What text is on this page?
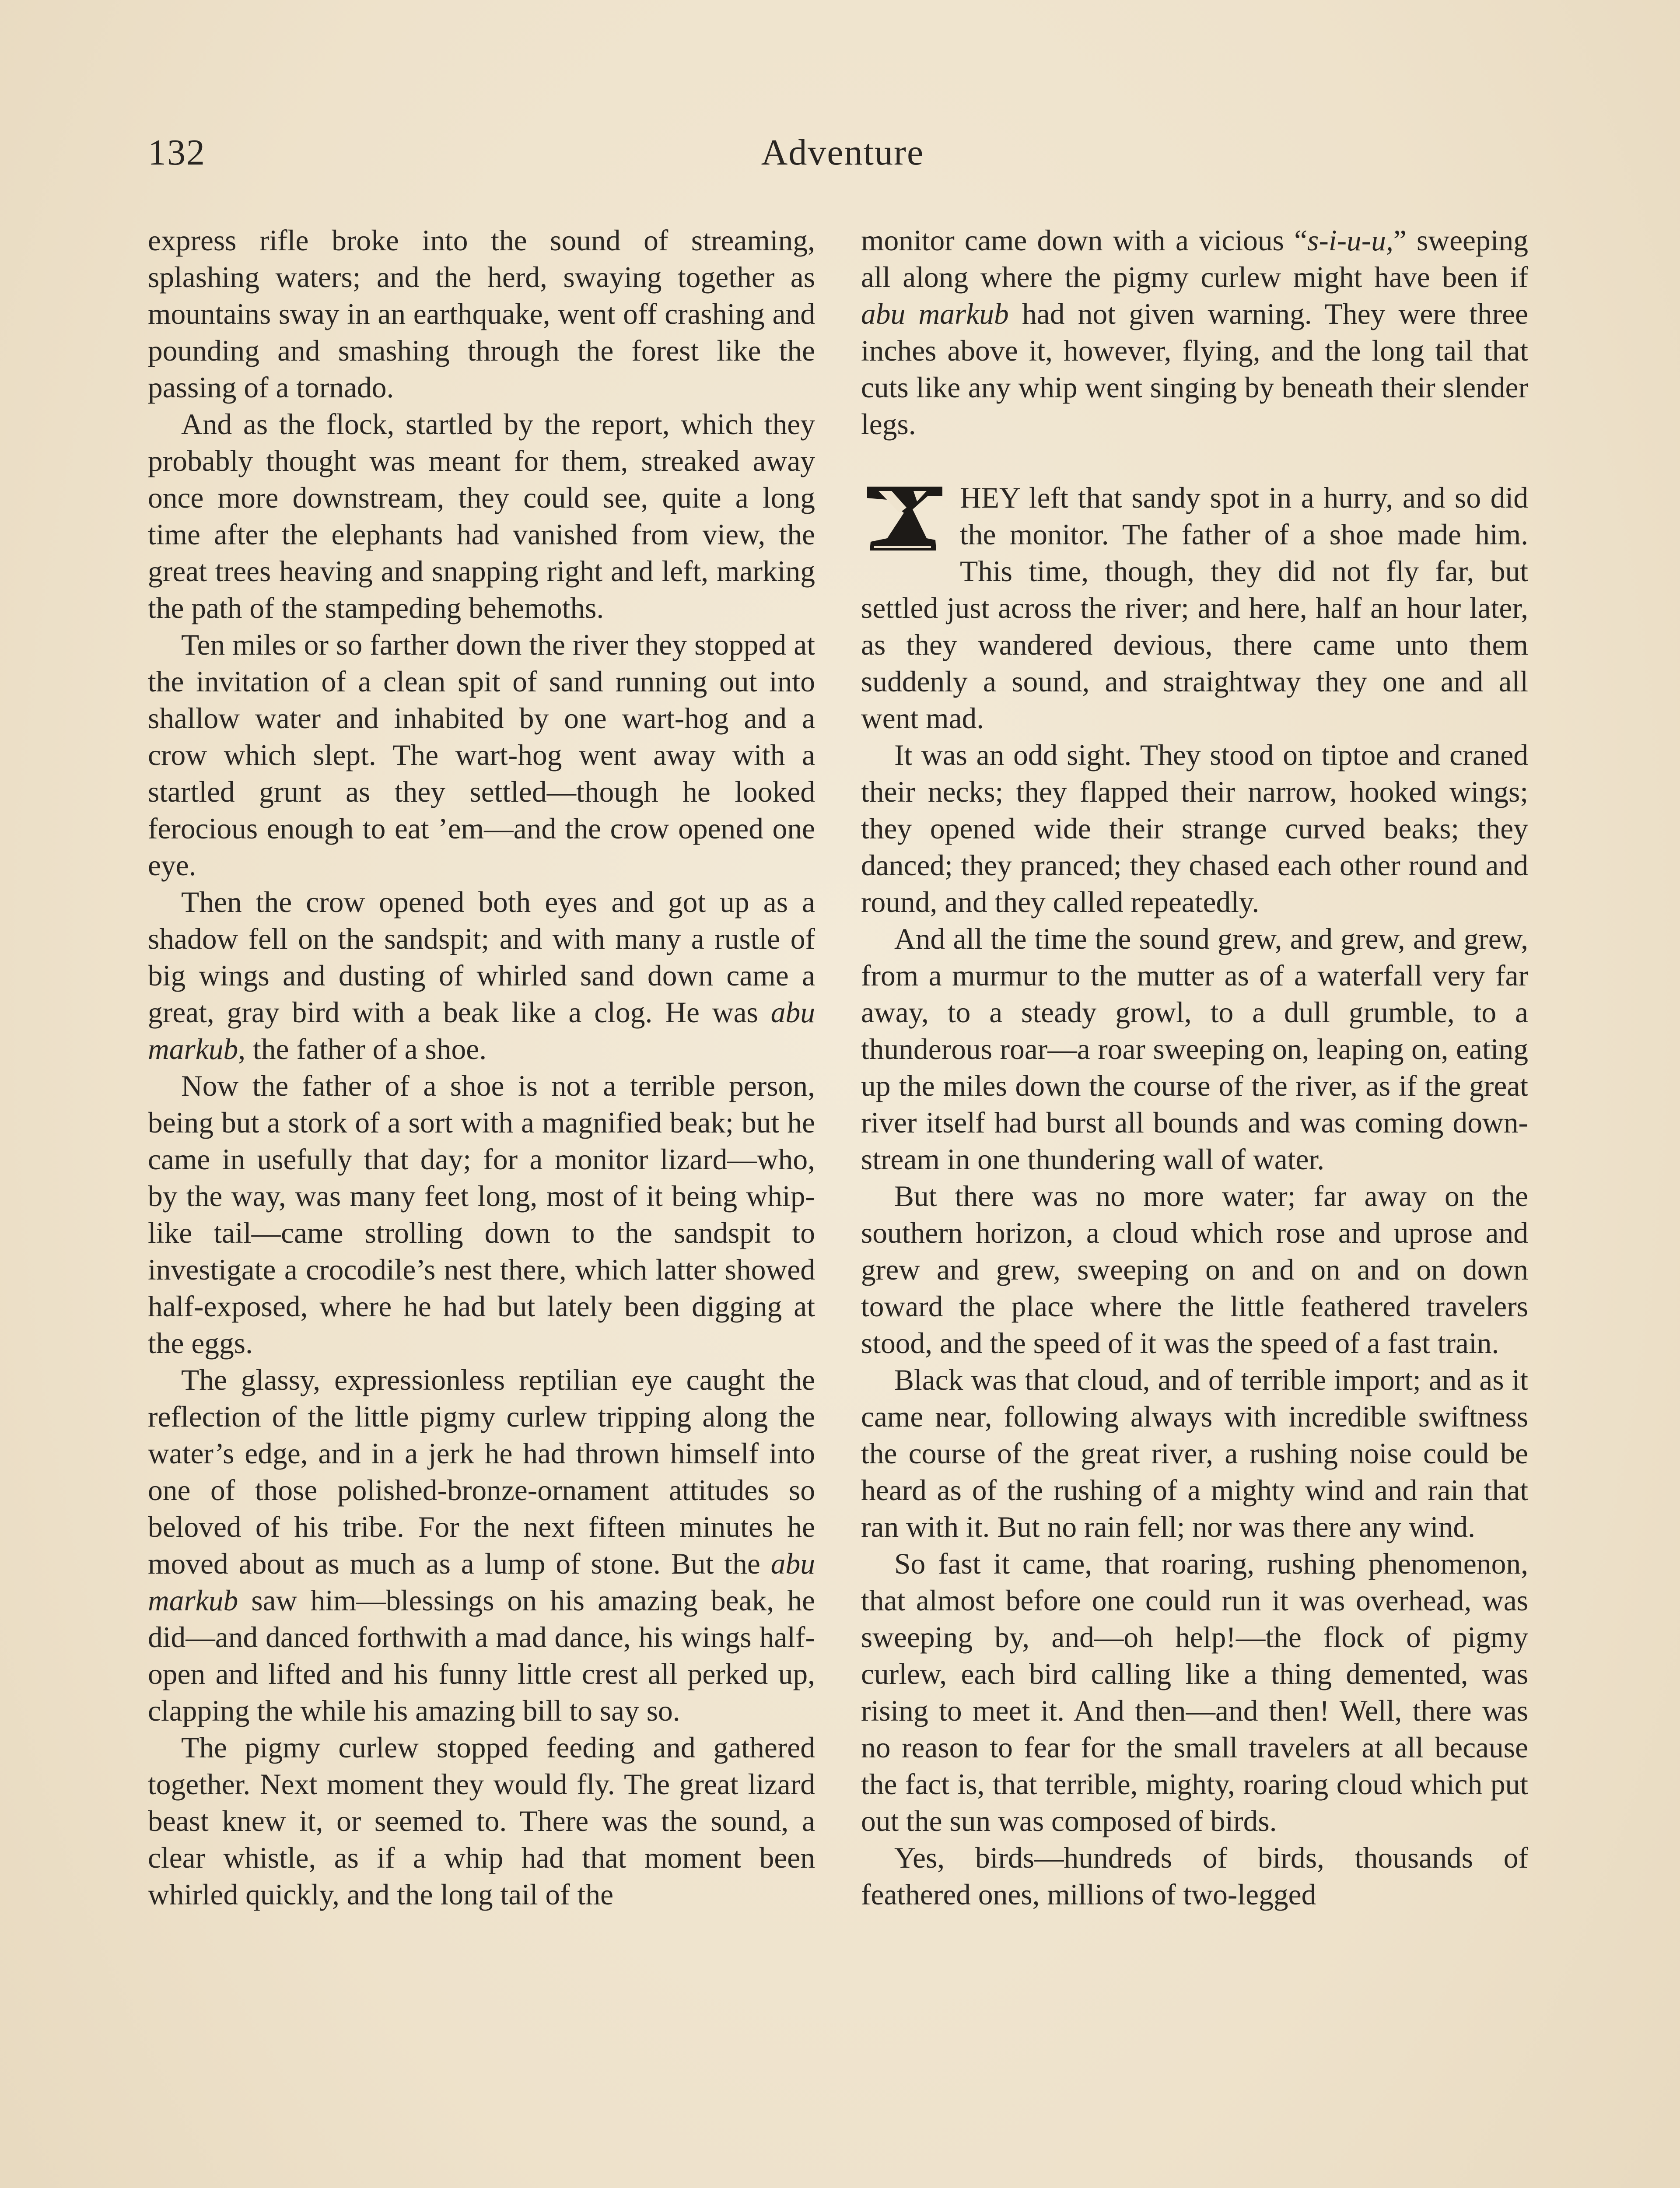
132	Adventure

express rifle broke into the sound of streaming, splashing waters; and the herd, swaying together as mountains sway in an earthquake, went off crashing and pounding and smashing through the forest like the passing of a tornado.

And as the flock, startled by the report, which they probably thought was meant for them, streaked away once more downstream, they could see, quite a long time after the elephants had vanished from view, the great trees heaving and snapping right and left, marking the path of the stampeding behemoths.

Ten miles or so farther down the river they stopped at the invitation of a clean spit of sand running out into shallow water and inhabited by one wart-hog and a crow which slept. The wart-hog went away with a startled grunt as they settled—though he looked ferocious enough to eat ’em—and the crow opened one eye.

Then the crow opened both eyes and got up as a shadow fell on the sandspit; and with many a rustle of big wings and dusting of whirled sand down came a great, gray bird with a beak like a clog. He was abu markub, the father of a shoe.

Now the father of a shoe is not a terrible person, being but a stork of a sort with a magnified beak; but he came in usefully that day; for a monitor lizard—who, by the way, was many feet long, most of it being whip-like tail—came strolling down to the sandspit to investigate a crocodile’s nest there, which latter showed half-exposed, where he had but lately been digging at the eggs.

The glassy, expressionless reptilian eye caught the reflection of the little pigmy curlew tripping along the water’s edge, and in a jerk he had thrown himself into one of those polished-bronze-ornament attitudes so beloved of his tribe. For the next fifteen minutes he moved about as much as a lump of stone. But the abu markub saw him—blessings on his amazing beak, he did—and danced forthwith a mad dance, his wings half-open and lifted and his funny little crest all perked up, clapping the while his amazing bill to say so.

The pigmy curlew stopped feeding and gathered together. Next moment they would fly. The great lizard beast knew it, or seemed to. There was the sound, a clear whistle, as if a whip had that moment been whirled quickly, and the long tail of the

monitor came down with a vicious “s-i-u-u,” sweeping all along where the pigmy curlew might have been if abu markub had not given warning. They were three inches above it, however, flying, and the long tail that cuts like any whip went singing by beneath their slender legs.

HEY left that sandy spot in a hurry, and so did the monitor. The father of a shoe made him. This time, though, they did not fly far, but settled just across the river; and here, half an hour later, as they wandered devious, there came unto them suddenly a sound, and straightway they one and all went mad.

It was an odd sight. They stood on tiptoe and craned their necks; they flapped their narrow, hooked wings; they opened wide their strange curved beaks; they danced; they pranced; they chased each other round and round, and they called repeatedly.

And all the time the sound grew, and grew, and grew, from a murmur to the mutter as of a waterfall very far away, to a steady growl, to a dull grumble, to a thunderous roar—a roar sweeping on, leaping on, eating up the miles down the course of the river, as if the great river itself had burst all bounds and was coming down-stream in one thundering wall of water.

But there was no more water; far away on the southern horizon, a cloud which rose and uprose and grew and grew, sweeping on and on and on down toward the place where the little feathered travelers stood, and the speed of it was the speed of a fast train.

Black was that cloud, and of terrible import; and as it came near, following always with incredible swiftness the course of the great river, a rushing noise could be heard as of the rushing of a mighty wind and rain that ran with it. But no rain fell; nor was there any wind.

So fast it came, that roaring, rushing phenomenon, that almost before one could run it was overhead, was sweeping by, and—oh help!—the flock of pigmy curlew, each bird calling like a thing demented, was rising to meet it. And then—and then! Well, there was no reason to fear for the small travelers at all because the fact is, that terrible, mighty, roaring cloud which put out the sun was composed of birds.

Yes, birds—hundreds of birds, thousands of feathered ones, millions of two-legged
